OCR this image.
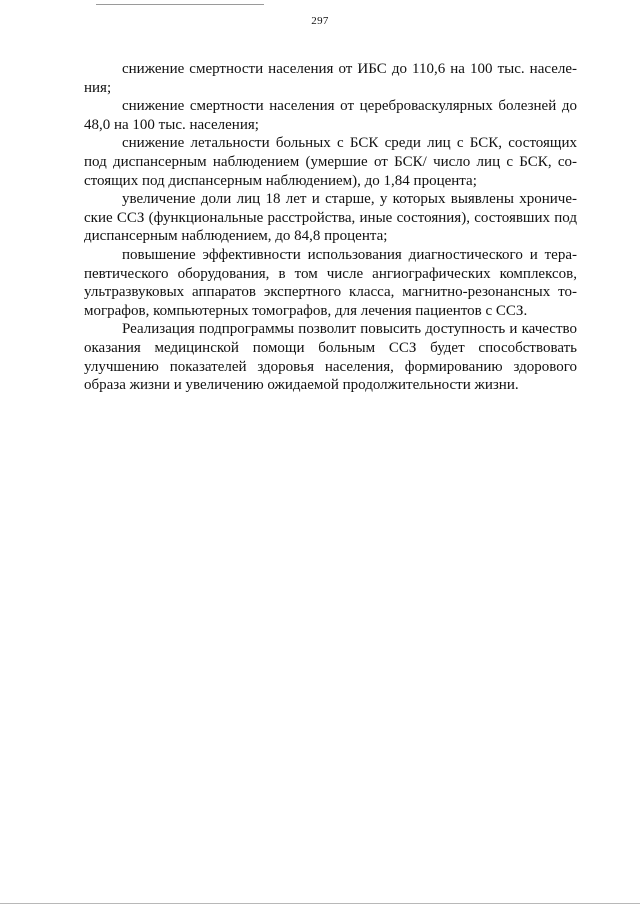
297

снижение смертности населения от ИБС до 110,6 на 100 тыс. населения;

снижение смертности населения от цереброваскулярных болезней до 48,0 на 100 тыс. населения;

снижение летальности больных с БСК среди лиц с БСК, состоящих под диспансерным наблюдением (умершие от БСК/ число лиц с БСК, состоящих под диспансерным наблюдением), до 1,84 процента;

увеличение доли лиц 18 лет и старше, у которых выявлены хронические ССЗ (функциональные расстройства, иные состояния), состоявших под диспансерным наблюдением, до 84,8 процента;

повышение эффективности использования диагностического и терапевтического оборудования, в том числе ангиографических комплексов, ультразвуковых аппаратов экспертного класса, магнитно-резонансных томографов, компьютерных томографов, для лечения пациентов с ССЗ.

Реализация подпрограммы позволит повысить доступность и качество оказания медицинской помощи больным ССЗ будет способствовать улучшению показателей здоровья населения, формированию здорового образа жизни и увеличению ожидаемой продолжительности жизни.
